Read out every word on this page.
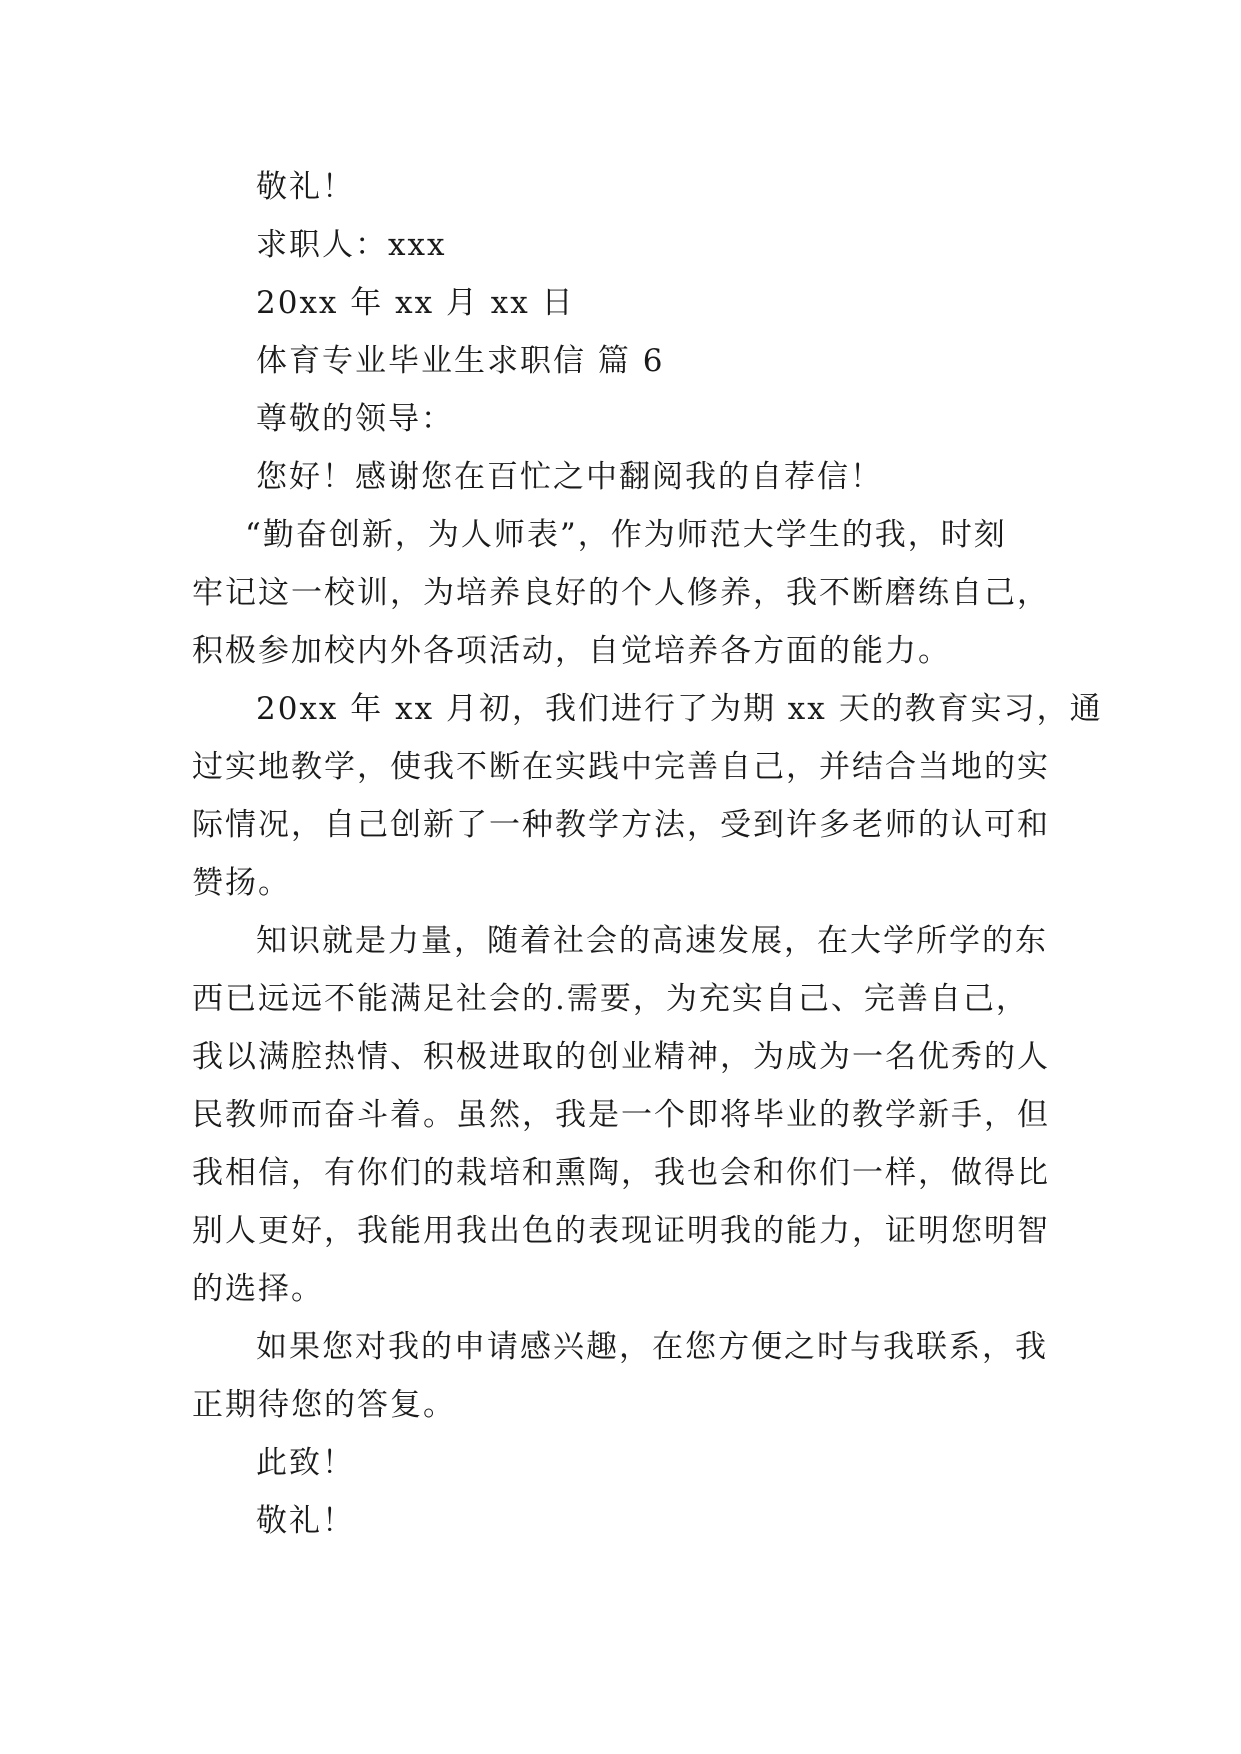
敬礼！
求职人：xxx
20xx 年 xx 月 xx 日
体育专业毕业生求职信 篇 6
尊敬的领导：
您好！感谢您在百忙之中翻阅我的自荐信！
“勤奋创新，为人师表”，作为师范大学生的我，时刻
牢记这一校训，为培养良好的个人修养，我不断磨练自己，
积极参加校内外各项活动，自觉培养各方面的能力。
20xx 年 xx 月初，我们进行了为期 xx 天的教育实习，通
过实地教学，使我不断在实践中完善自己，并结合当地的实
际情况，自己创新了一种教学方法，受到许多老师的认可和
赞扬。
知识就是力量，随着社会的高速发展，在大学所学的东
西已远远不能满足社会的.需要，为充实自己、完善自己，
我以满腔热情、积极进取的创业精神，为成为一名优秀的人
民教师而奋斗着。虽然，我是一个即将毕业的教学新手，但
我相信，有你们的栽培和熏陶，我也会和你们一样，做得比
别人更好，我能用我出色的表现证明我的能力，证明您明智
的选择。
如果您对我的申请感兴趣，在您方便之时与我联系，我
正期待您的答复。
此致！
敬礼！
